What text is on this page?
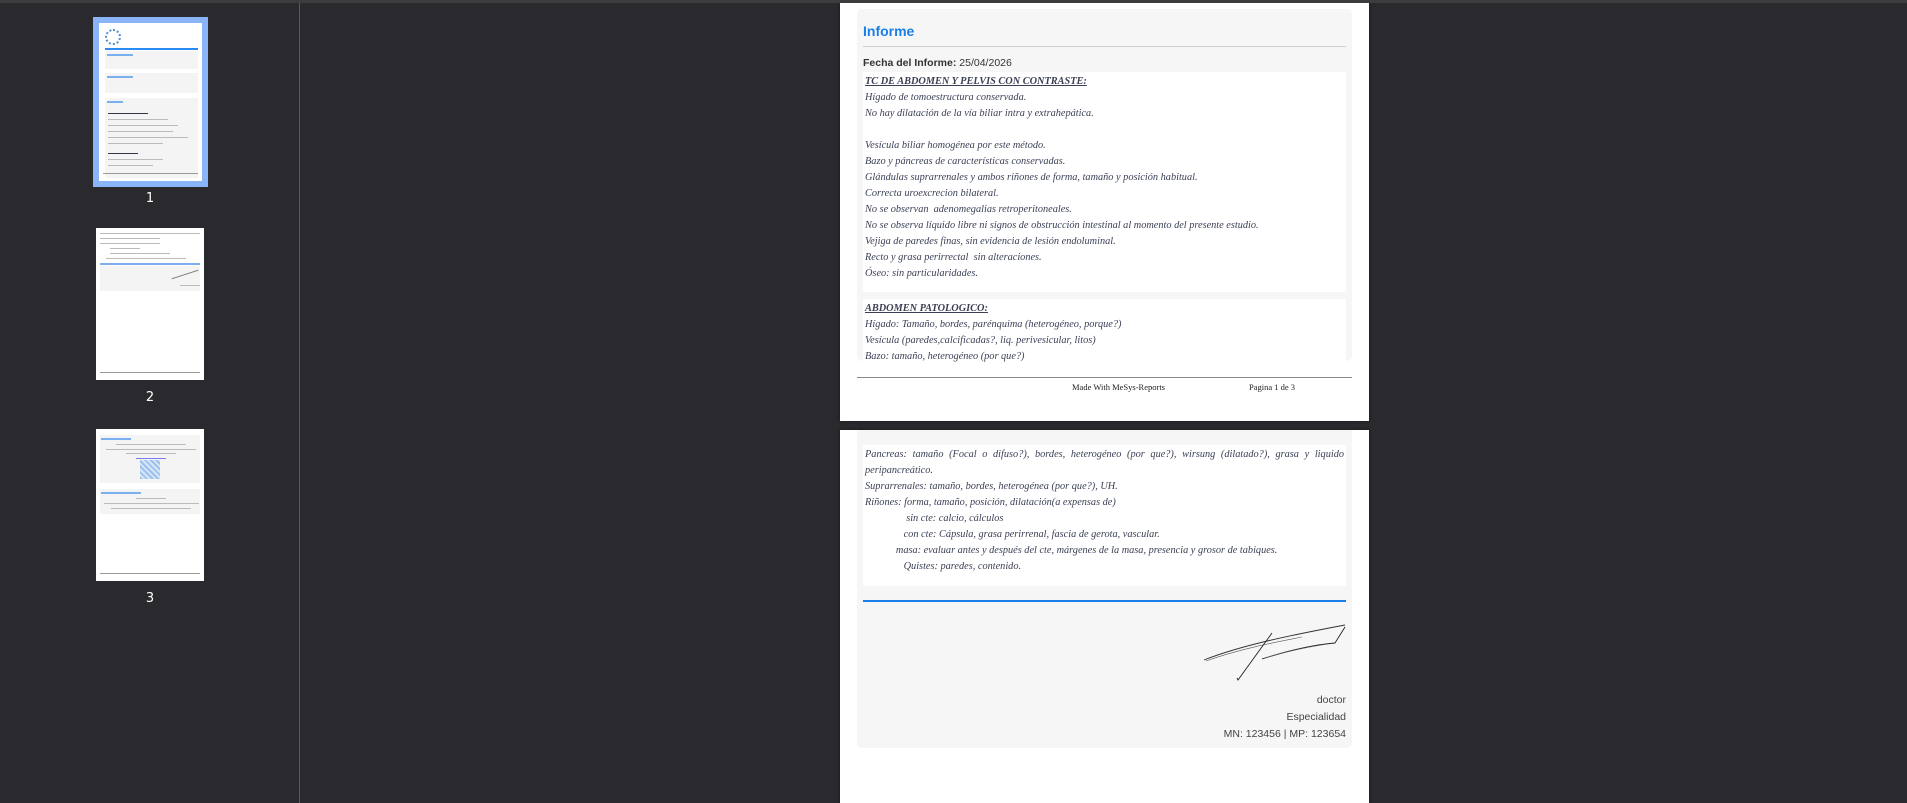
1
2
3
Informe
Fecha del Informe: 25/04/2026
TC DE ABDOMEN Y PELVIS CON CONTRASTE:
Hígado de tomoestructura conservada.
No hay dilatación de la vía biliar intra y extrahepática.
Vesícula biliar homogénea por este método.
Bazo y páncreas de características conservadas.
Glándulas suprarrenales y ambos riñones de forma, tamaño y posición habitual.
Correcta uroexcrecion bilateral.
No se observan  adenomegalias retroperitoneales.
No se observa líquido libre ni signos de obstrucción intestinal al momento del presente estudio.
Vejiga de paredes finas, sin evidencia de lesión endoluminal.
Recto y grasa perirrectal  sin alteraciones.
Óseo: sin particularidades.
ABDOMEN PATOLOGICO:
Hígado: Tamaño, bordes, parénquima (heterogéneo, porque?)
Vesícula (paredes,calcificadas?, liq. perivesicular, litos)
Bazo: tamaño, heterogéneo (por que?)
Made With MeSys-Reports	Pagina 1 de 3
Pancreas: tamaño (Focal o difuso?), bordes, heterogéneo (por que?), wirsung (dilatado?), grasa y liquido peripancreático.
Suprarrenales: tamaño, bordes, heterogénea (por que?), UH.
Riñones: forma, tamaño, posición, dilatación(a expensas de)
sin cte: calcio, cálculos
con cte: Cápsula, grasa perirrenal, fascia de gerota, vascular.
masa: evaluar antes y después del cte, márgenes de la masa, presencia y grosor de tabiques.
Quistes: paredes, contenido.
doctor
Especialidad
MN: 123456 | MP: 123654
